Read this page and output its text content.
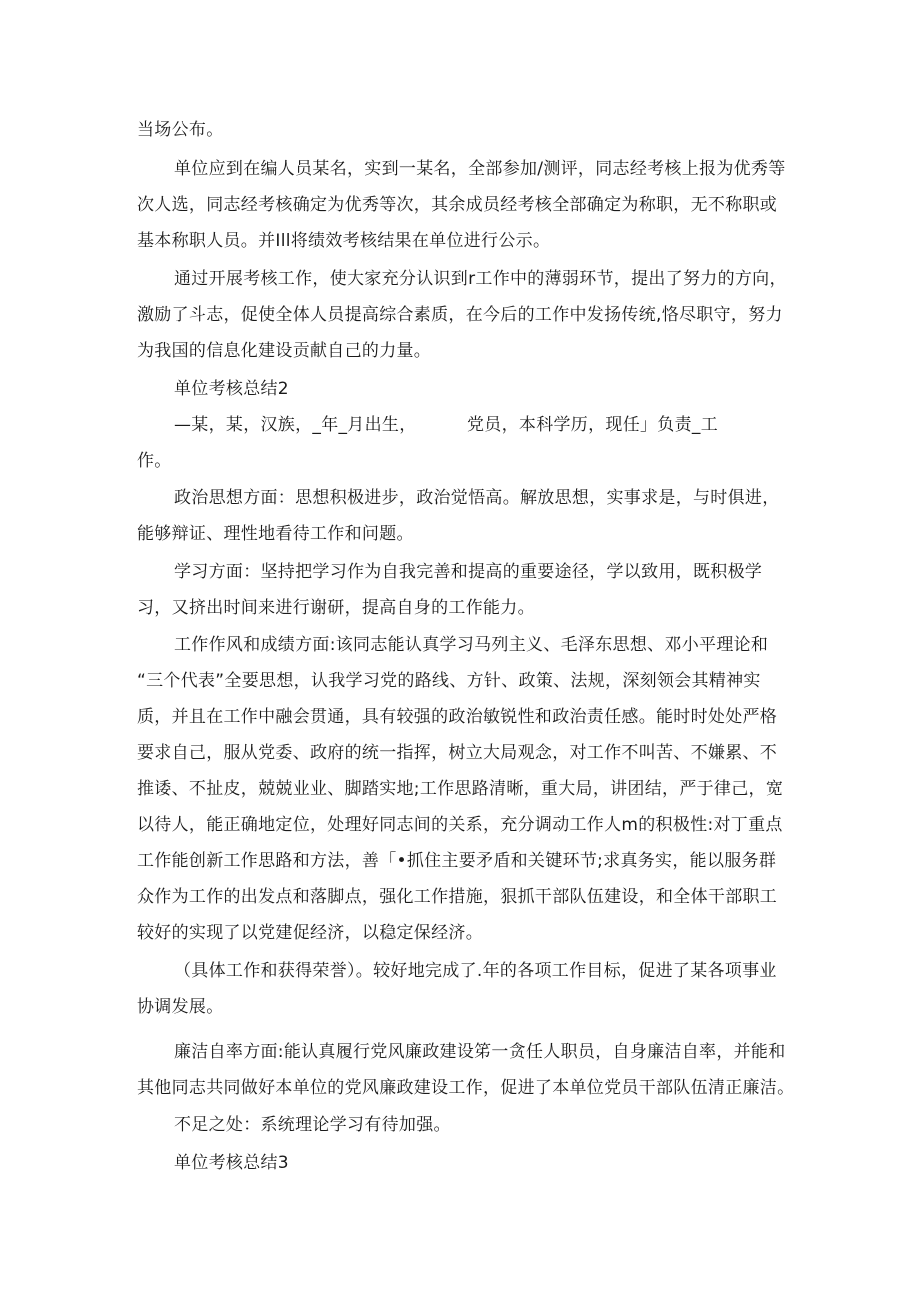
当场公布。
单位应到在编人员某名，实到一某名，全部参加/测评，同志经考核上报为优秀等
次人选，同志经考核确定为优秀等次，其余成员经考核全部确定为称职，无不称职或
基本称职人员。并Ill将绩效考核结果在单位进行公示。
通过开展考核工作，使大家充分认识到r工作中的薄弱环节，提出了努力的方向，
激励了斗志，促使全体人员提高综合素质，在今后的工作中发扬传统,恪尽职守，努力
为我国的信息化建设贡献自己的力量。
单位考核总结2
—某，某，汉族，_年_月出生，	党员，本科学历，现任」负责_工
作。
政治思想方面：思想积极进步，政治觉悟高。解放思想，实事求是，与时俱进，
能够辩证、理性地看待工作和问题。
学习方面：坚持把学习作为自我完善和提高的重要途径，学以致用，既积极学
习，又挤出时间来进行谢研，提高自身的工作能力。
工作作风和成绩方面:该同志能认真学习马列主义、毛泽东思想、邓小平理论和
“三个代表”全要思想，认我学习党的路线、方针、政策、法规，深刻领会其精神实
质，并且在工作中融会贯通，具有较强的政治敏锐性和政治责任感。能时时处处严格
要求自己，服从党委、政府的统一指挥，树立大局观念，对工作不叫苦、不嫌累、不
推诿、不扯皮，兢兢业业、脚踏实地;工作思路清晰，重大局，讲团结，严于律己，宽
以待人，能正确地定位，处理好同志间的关系，充分调动工作人m的积极性:对丁重点
工作能创新工作思路和方法，善「•抓住主要矛盾和关键环节;求真务实，能以服务群
众作为工作的出发点和落脚点，强化工作措施，狠抓干部队伍建设，和全体干部职工
较好的实现了以党建促经济，以稳定保经济。
（具体工作和获得荣誉）。较好地完成了.年的各项工作目标，促进了某各项事业
协调发展。
廉洁自率方面:能认真履行党风廉政建设笫一贪任人职员，自身廉洁自率，并能和
其他同志共同做好本单位的党风廉政建设工作，促进了本单位党员干部队伍清正廉洁。
不足之处：系统理论学习有待加强。
单位考核总结3
